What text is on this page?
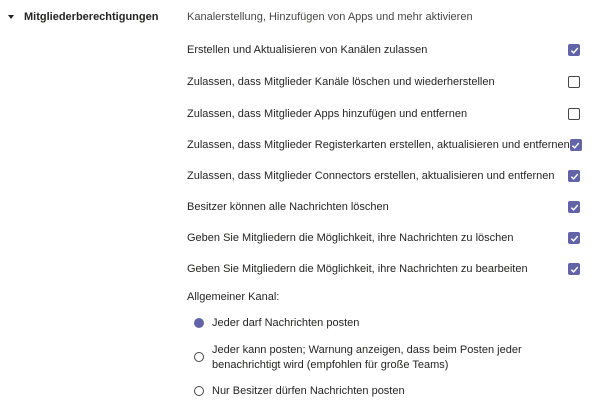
Mitgliederberechtigungen	Kanalerstellung, Hinzufügen von Apps und mehr aktivieren
Erstellen und Aktualisieren von Kanälen zulassen
Zulassen, dass Mitglieder Kanäle löschen und wiederherstellen
Zulassen, dass Mitglieder Apps hinzufügen und entfernen
Zulassen, dass Mitglieder Registerkarten erstellen, aktualisieren und entfernen
Zulassen, dass Mitglieder Connectors erstellen, aktualisieren und entfernen
Besitzer können alle Nachrichten löschen
Geben Sie Mitgliedern die Möglichkeit, ihre Nachrichten zu löschen
Geben Sie Mitgliedern die Möglichkeit, ihre Nachrichten zu bearbeiten
Allgemeiner Kanal:
Jeder darf Nachrichten posten
Jeder kann posten; Warnung anzeigen, dass beim Posten jeder benachrichtigt wird (empfohlen für große Teams)
Nur Besitzer dürfen Nachrichten posten
